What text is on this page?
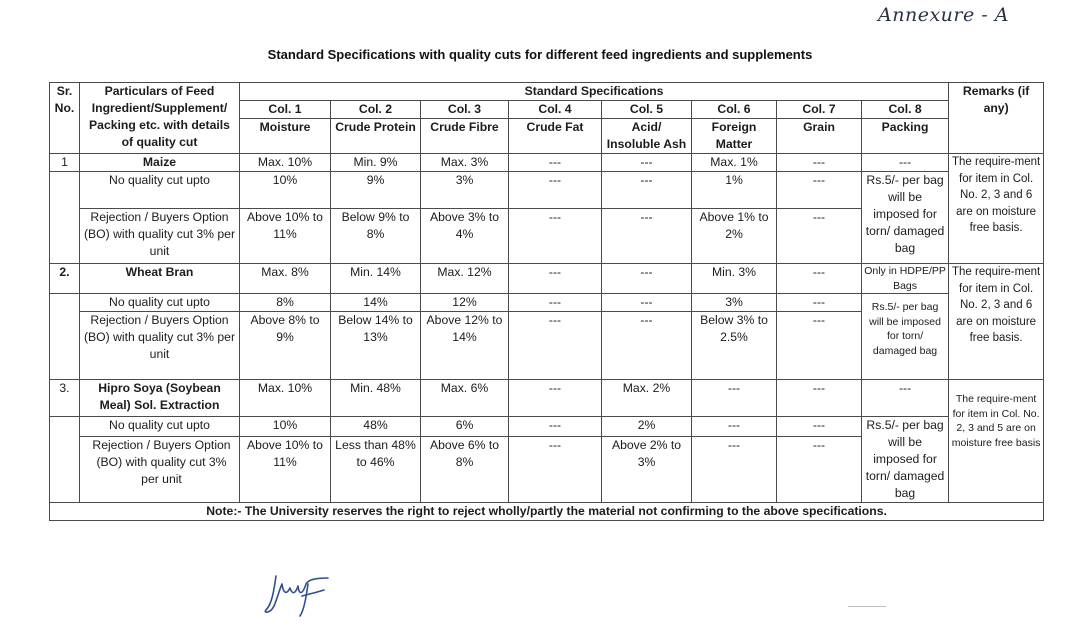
Annexure - A
Standard Specifications with quality cuts for different feed ingredients and supplements
Sr. No.	Particulars of Feed Ingredient/Supplement/ Packing etc. with details of quality cut	Standard Specifications								Remarks (if any)
		Col. 1	Col. 2	Col. 3	Col. 4	Col. 5	Col. 6	Col. 7	Col. 8	
		Moisture	Crude Protein	Crude Fibre	Crude Fat	Acid/ Insoluble Ash	Foreign Matter	Grain	Packing	

1	Maize	Max. 10%	Min. 9%	Max. 3%	---	---	Max. 1%	---	---	The require-ment for item in Col. No. 2, 3 and 6 are on moisture free basis.
	No quality cut upto	10%	9%	3%	---	---	1%	---	Rs.5/- per bag will be imposed for torn/ damaged bag	
	Rejection / Buyers Option (BO) with quality cut 3% per unit	Above 10% to 11%	Below 9% to 8%	Above 3% to 4%	---	---	Above 1% to 2%	---		
2.	Wheat Bran	Max. 8%	Min. 14%	Max. 12%	---	---	Min. 3%	---	Only in HDPE/PP Bags	The require-ment for item in Col. No. 2, 3 and 6 are on moisture free basis.
	No quality cut upto	8%	14%	12%	---	---	3%	---	Rs.5/- per bag will be imposed for torn/ damaged bag	
	Rejection / Buyers Option (BO) with quality cut 3% per unit	Above 8% to 9%	Below 14% to 13%	Above 12% to 14%	---	---	Below 3% to 2.5%	---		
3.	Hipro Soya (Soybean Meal) Sol. Extraction	Max. 10%	Min. 48%	Max. 6%	---	Max. 2%	---	---	---	The require-ment for item in Col. No. 2, 3 and 5 are on moisture free basis
	No quality cut upto	10%	48%	6%	---	2%	---	---	Rs.5/- per bag will be imposed for torn/ damaged bag	
	Rejection / Buyers Option (BO) with quality cut 3% per unit	Above 10% to 11%	Less than 48% to 46%	Above 6% to 8%	---	Above 2% to 3%	---	---		
Note:- The University reserves the right to reject wholly/partly the material not confirming to the above specifications.										
